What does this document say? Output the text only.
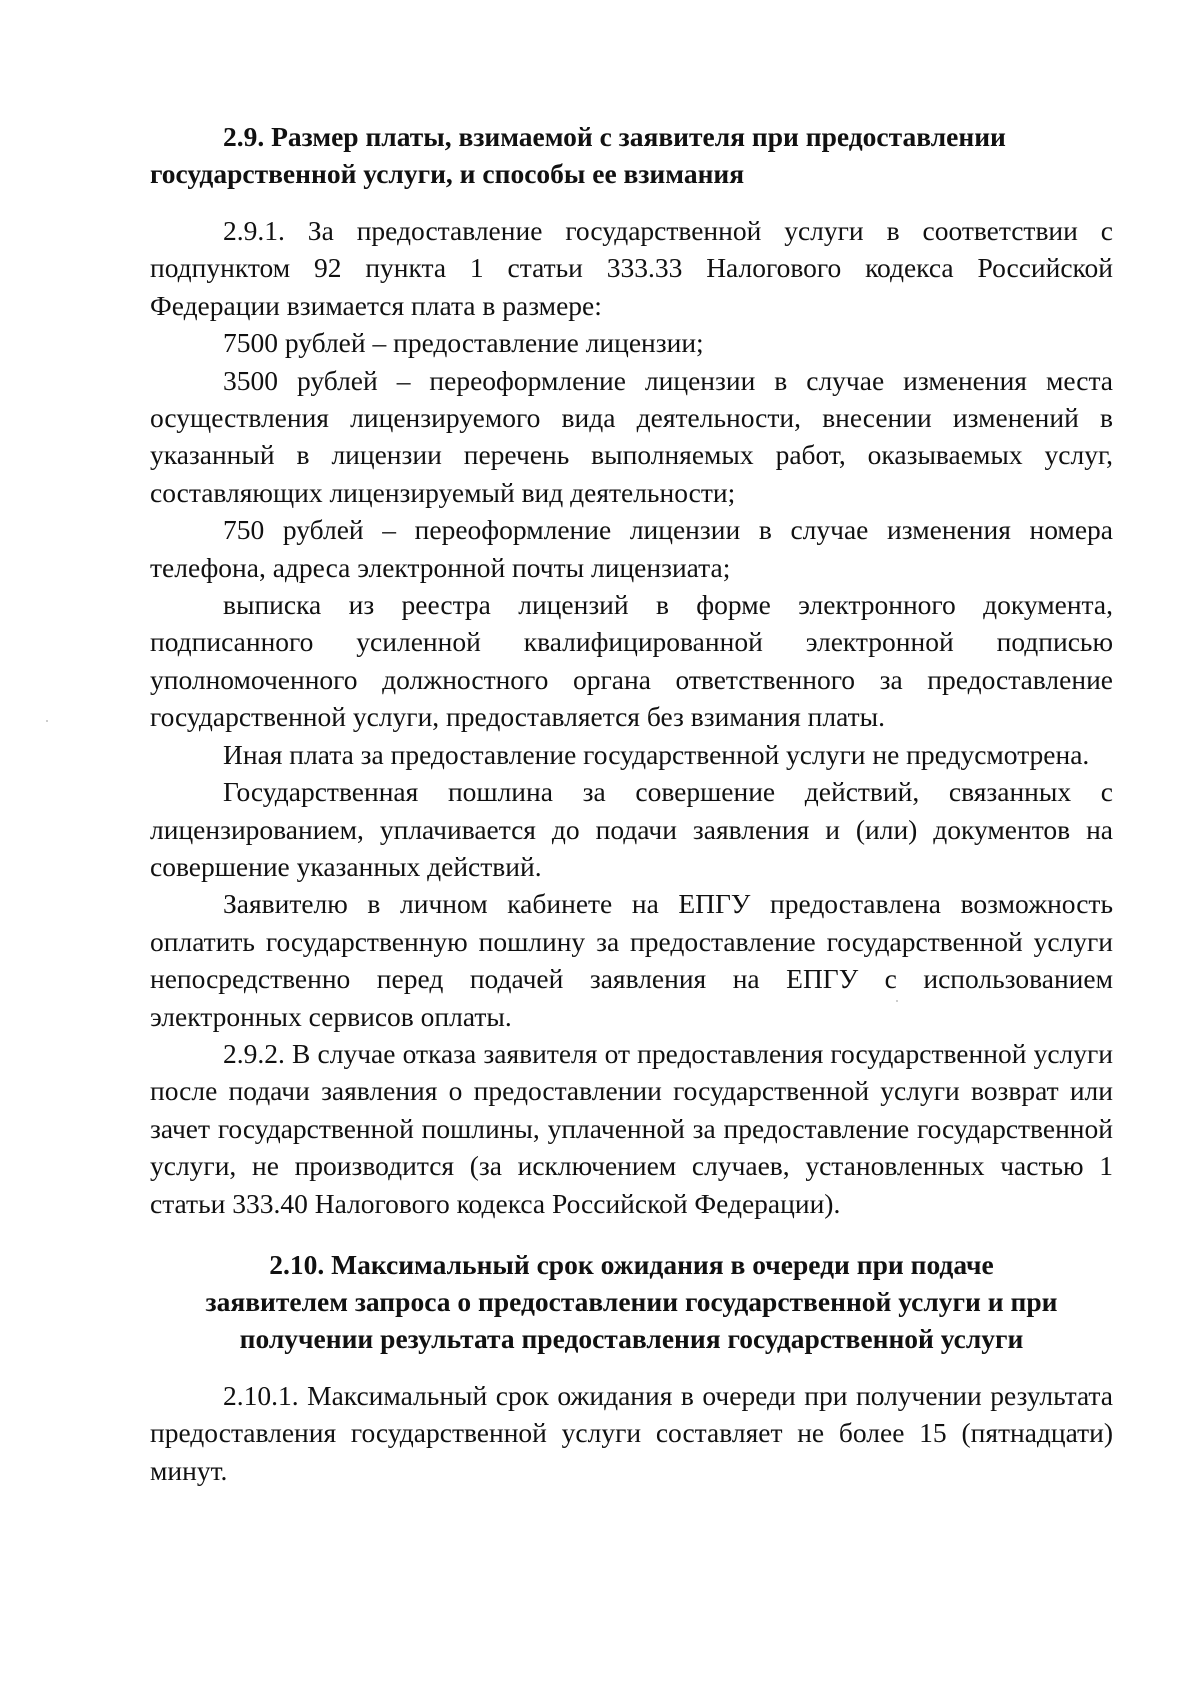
2.9. Размер платы, взимаемой с заявителя при предоставлении государственной услуги, и способы ее взимания

2.9.1. За предоставление государственной услуги в соответствии с подпунктом 92 пункта 1 статьи 333.33 Налогового кодекса Российской Федерации взимается плата в размере:

7500 рублей – предоставление лицензии;

3500 рублей – переоформление лицензии в случае изменения места осуществления лицензируемого вида деятельности, внесении изменений в указанный в лицензии перечень выполняемых работ, оказываемых услуг, составляющих лицензируемый вид деятельности;

750 рублей – переоформление лицензии в случае изменения номера телефона, адреса электронной почты лицензиата;

выписка из реестра лицензий в форме электронного документа, подписанного усиленной квалифицированной электронной подписью уполномоченного должностного органа ответственного за предоставление государственной услуги, предоставляется без взимания платы.

Иная плата за предоставление государственной услуги не предусмотрена.

Государственная пошлина за совершение действий, связанных с лицензированием, уплачивается до подачи заявления и (или) документов на совершение указанных действий.

Заявителю в личном кабинете на ЕПГУ предоставлена возможность оплатить государственную пошлину за предоставление государственной услуги непосредственно перед подачей заявления на ЕПГУ с использованием электронных сервисов оплаты.

2.9.2. В случае отказа заявителя от предоставления государственной услуги после подачи заявления о предоставлении государственной услуги возврат или зачет государственной пошлины, уплаченной за предоставление государственной услуги, не производится (за исключением случаев, установленных частью 1 статьи 333.40 Налогового кодекса Российской Федерации).

2.10. Максимальный срок ожидания в очереди при подаче
заявителем запроса о предоставлении государственной услуги и при
получении результата предоставления государственной услуги

2.10.1. Максимальный срок ожидания в очереди при получении результата предоставления государственной услуги составляет не более 15 (пятнадцати) минут.
